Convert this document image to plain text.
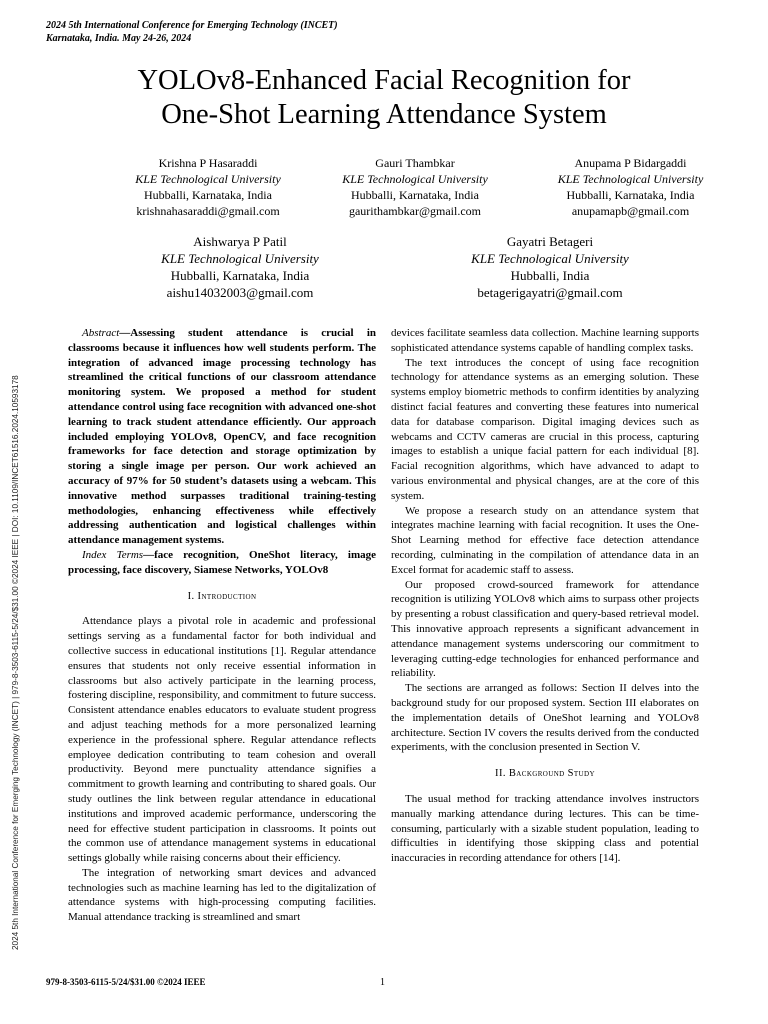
2024 5th International Conference for Emerging Technology (INCET)
Karnataka, India. May 24-26, 2024
YOLOv8-Enhanced Facial Recognition for
One-Shot Learning Attendance System
Krishna P Hasaraddi
KLE Technological University
Hubballi, Karnataka, India
krishnahasaraddi@gmail.com
Gauri Thambkar
KLE Technological University
Hubballi, Karnataka, India
gaurithambkar@gmail.com
Anupama P Bidargaddi
KLE Technological University
Hubballi, Karnataka, India
anupamapb@gmail.com
Aishwarya P Patil
KLE Technological University
Hubballi, Karnataka, India
aishu14032003@gmail.com
Gayatri Betageri
KLE Technological University
Hubballi, India
betagerigayatri@gmail.com
2024 5th International Conference for Emerging Technology (INCET) | 979-8-3503-6115-5/24/$31.00 ©2024 IEEE | DOI: 10.1109/INCET61516.2024.10593178

Abstract—Assessing student attendance is crucial in classrooms because it influences how well students perform. The integration of advanced image processing technology has streamlined the critical functions of our classroom attendance monitoring system. We proposed a method for student attendance control using face recognition with advanced one-shot learning to track student attendance efficiently. Our approach included employing YOLOv8, OpenCV, and face recognition frameworks for face detection and storage optimization by storing a single image per person. Our work achieved an accuracy of 97% for 50 student’s datasets using a webcam. This innovative method surpasses traditional training-testing methodologies, enhancing effectiveness while effectively addressing authentication and logistical challenges within attendance management systems.

Index Terms—face recognition, OneShot literacy, image processing, face discovery, Siamese Networks, YOLOv8

I. Introduction

Attendance plays a pivotal role in academic and professional settings serving as a fundamental factor for both individual and collective success in educational institutions [1]. Regular attendance ensures that students not only receive essential information in classrooms but also actively participate in the learning process, fostering discipline, responsibility, and commitment to future success. Consistent attendance enables educators to evaluate student progress and adjust teaching methods for a more personalized learning experience in the professional sphere. Regular attendance reflects employee dedication contributing to team cohesion and overall productivity. Beyond mere punctuality attendance signifies a commitment to growth learning and contributing to shared goals. Our study outlines the link between regular attendance in educational institutions and improved academic performance, underscoring the need for effective student participation in classrooms. It points out the common use of attendance management systems in educational settings globally while raising concerns about their efficiency.

The integration of networking smart devices and advanced technologies such as machine learning has led to the digitalization of attendance systems with high-processing computing facilities. Manual attendance tracking is streamlined and smart

devices facilitate seamless data collection. Machine learning supports sophisticated attendance systems capable of handling complex tasks.

The text introduces the concept of using face recognition technology for attendance systems as an emerging solution. These systems employ biometric methods to confirm identities by analyzing distinct facial features and converting these features into numerical data for database comparison. Digital imaging devices such as webcams and CCTV cameras are crucial in this process, capturing images to establish a unique facial pattern for each individual [8]. Facial recognition algorithms, which have advanced to adapt to various environmental and physical changes, are at the core of this system.

We propose a research study on an attendance system that integrates machine learning with facial recognition. It uses the One-Shot Learning method for effective face detection attendance recording, culminating in the compilation of attendance data in an Excel format for academic staff to assess.

Our proposed crowd-sourced framework for attendance recognition is utilizing YOLOv8 which aims to surpass other projects by presenting a robust classification and query-based retrieval model. This innovative approach represents a significant advancement in attendance management systems underscoring our commitment to leveraging cutting-edge technologies for enhanced performance and reliability.

The sections are arranged as follows: Section II delves into the background study for our proposed system. Section III elaborates on the implementation details of OneShot learning and YOLOv8 architecture. Section IV covers the results derived from the conducted experiments, with the conclusion presented in Section V.

II. Background Study

The usual method for tracking attendance involves instructors manually marking attendance during lectures. This can be time-consuming, particularly with a sizable student population, leading to difficulties in identifying those skipping class and potential inaccuracies in recording attendance for others [14].

979-8-3503-6115-5/24/$31.00 ©2024 IEEE	1
